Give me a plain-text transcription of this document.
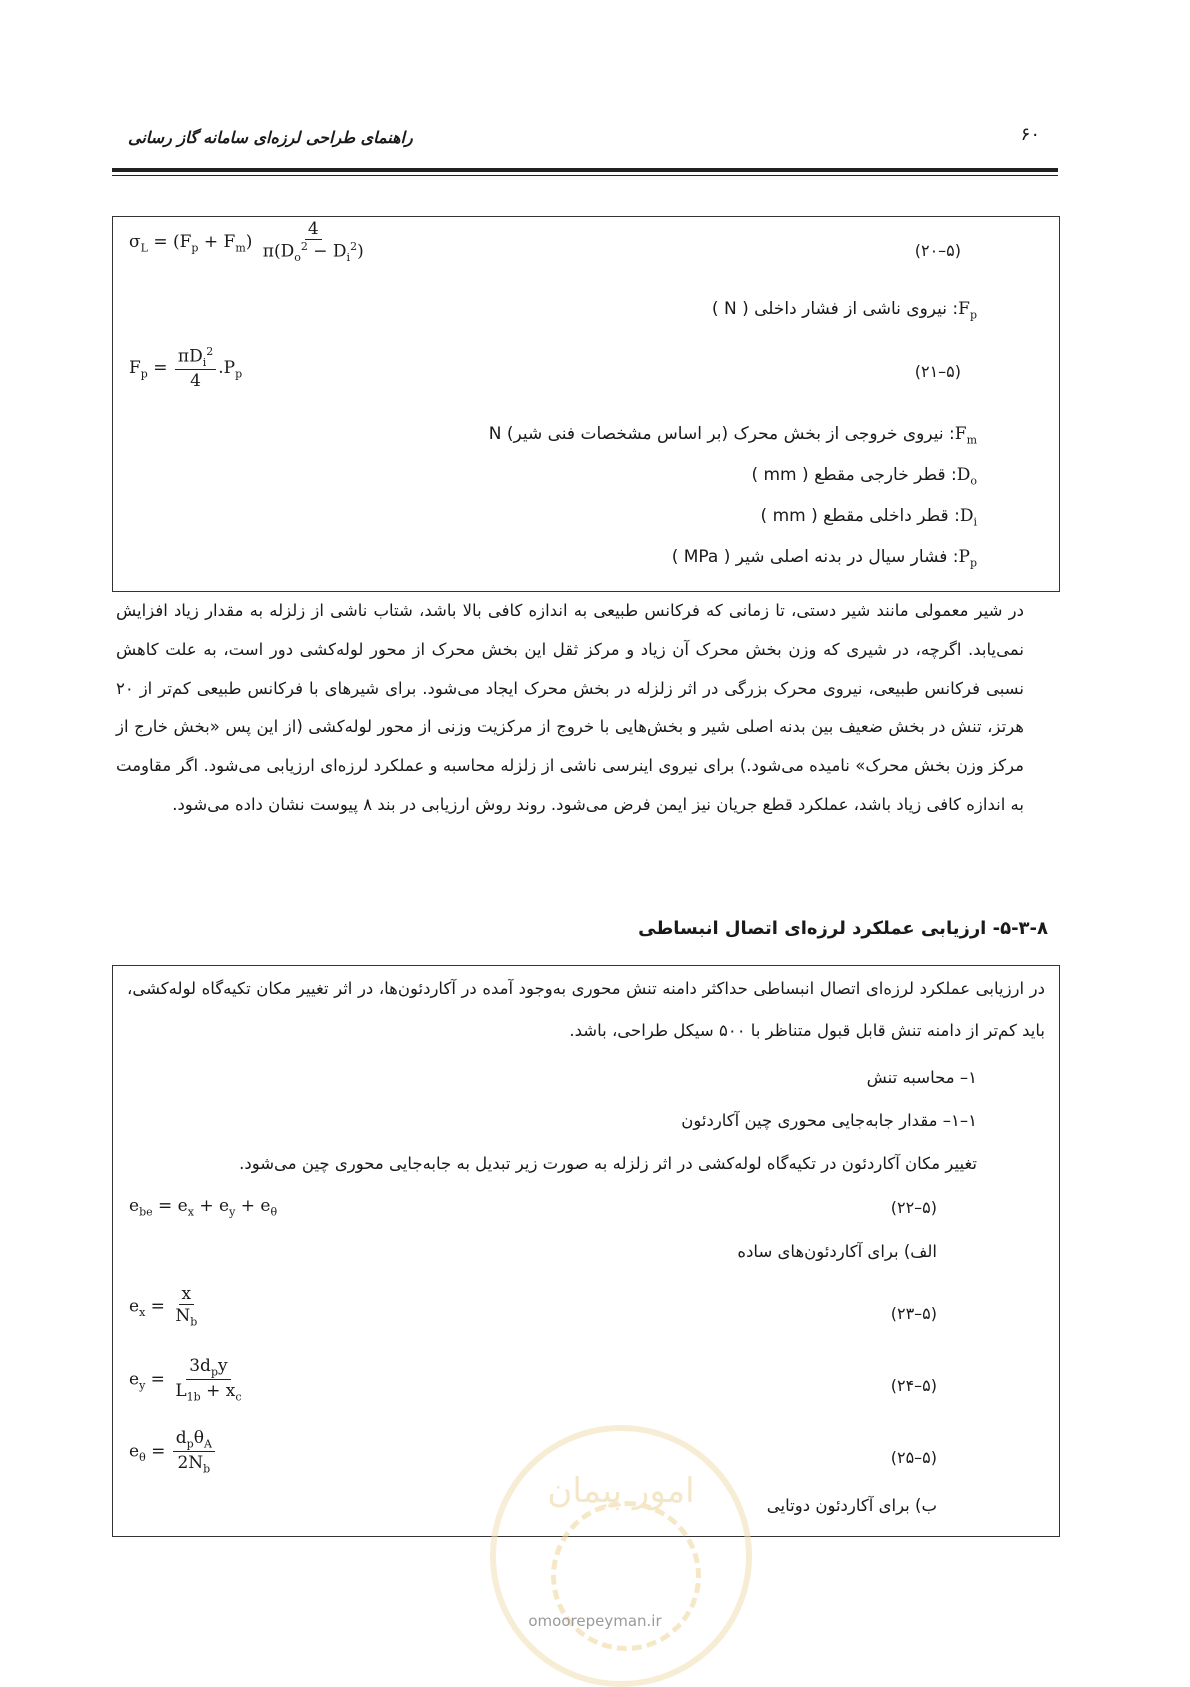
راهنمای طراحی لرزه‌ای سامانه گاز رسانی	۶۰
$\sigma_L = (F_p + F_m) \frac{4}{\pi(D_o^2 - D_i^2)}$	(۵–۲۰)
$F_p$: نیروی ناشی از فشار داخلی ( N )
$F_p = \frac{\pi D_i^2}{4} .P_p$	(۵–۲۱)
$F_m$: نیروی خروجی از بخش محرک (بر اساس مشخصات فنی شیر) N
$D_o$: قطر خارجی مقطع ( mm )
$D_i$: قطر داخلی مقطع ( mm )
$P_p$: فشار سیال در بدنه اصلی شیر ( MPa )
در شیر معمولی مانند شیر دستی، تا زمانی که فرکانس طبیعی به اندازه کافی بالا باشد، شتاب ناشی از زلزله به مقدار زیاد افزایش نمی‌یابد. اگرچه، در شیری که وزن بخش محرک آن زیاد و مرکز ثقل این بخش محرک از محور لوله‌کشی دور است، به علت کاهش نسبی فرکانس طبیعی، نیروی محرک بزرگی در اثر زلزله در بخش محرک ایجاد می‌شود. برای شیرهای با فرکانس طبیعی کم‌تر از ۲۰ هرتز، تنش در بخش ضعیف بین بدنه اصلی شیر و بخش‌هایی با خروج از مرکزیت وزنی از محور لوله‌کشی (از این پس «بخش خارج از مرکز وزن بخش محرک» نامیده می‌شود.) برای نیروی اینرسی ناشی از زلزله محاسبه و عملکرد لرزه‌ای ارزیابی می‌شود. اگر مقاومت به اندازه کافی زیاد باشد، عملکرد قطع جریان نیز ایمن فرض می‌شود. روند روش ارزیابی در بند ۸ پیوست نشان داده می‌شود.
۵-۳-۸- ارزیابی عملکرد لرزه‌ای اتصال انبساطی
در ارزیابی عملکرد لرزه‌ای اتصال انبساطی حداکثر دامنه تنش محوری به‌وجود آمده در آکاردئون‌ها، در اثر تغییر مکان تکیه‌گاه لوله‌کشی، باید کم‌تر از دامنه تنش قابل قبول متناظر با ۵۰۰ سیکل طراحی، باشد.
۱– محاسبه تنش
۱–۱– مقدار جابه‌جایی محوری چین آکاردئون
تغییر مکان آکاردئون در تکیه‌گاه لوله‌کشی در اثر زلزله به صورت زیر تبدیل به جابه‌جایی محوری چین می‌شود.
$e_{be} = e_x + e_y + e_\theta$	(۵–۲۲)
الف) برای آکاردئون‌های ساده
$e_x = \frac{x}{N_b}$	(۵–۲۳)
$e_y = \frac{3d_py}{L_{1b} + x_c}$	(۵–۲۴)
$e_\theta = \frac{d_p\theta_A}{2N_b}$	(۵–۲۵)
ب) برای آکاردئون دوتایی
امور پیمان
omoorepeyman.ir
